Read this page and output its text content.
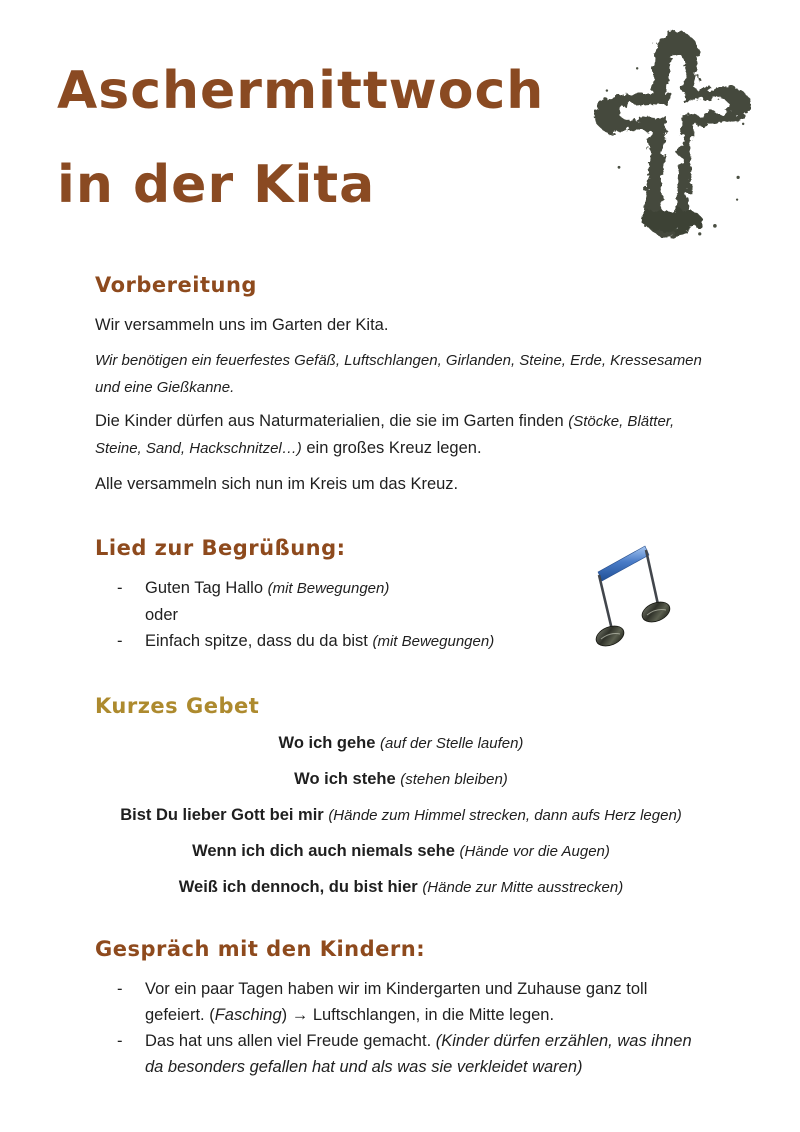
Aschermittwoch
in der Kita
Vorbereitung

Wir versammeln uns im Garten der Kita.

Wir benötigen ein feuerfestes Gefäß, Luftschlangen, Girlanden, Steine, Erde, Kressesamen und eine Gießkanne.

Die Kinder dürfen aus Naturmaterialien, die sie im Garten finden (Stöcke, Blätter, Steine, Sand, Hackschnitzel…) ein großes Kreuz legen.

Alle versammeln sich nun im Kreis um das Kreuz.

Lied zur Begrüßung:
-	Guten Tag Hallo (mit Bewegungen)
oder
-	Einfach spitze, dass du da bist (mit Bewegungen)
Kurzes Gebet
Wo ich gehe (auf der Stelle laufen)
Wo ich stehe (stehen bleiben)
Bist Du lieber Gott bei mir (Hände zum Himmel strecken, dann aufs Herz legen)
Wenn ich dich auch niemals sehe (Hände vor die Augen)
Weiß ich dennoch, du bist hier (Hände zur Mitte ausstrecken)
Gespräch mit den Kindern:
-	Vor ein paar Tagen haben wir im Kindergarten und Zuhause ganz toll gefeiert. (Fasching) → Luftschlangen, in die Mitte legen.
-	Das hat uns allen viel Freude gemacht. (Kinder dürfen erzählen, was ihnen da besonders gefallen hat und als was sie verkleidet waren)
